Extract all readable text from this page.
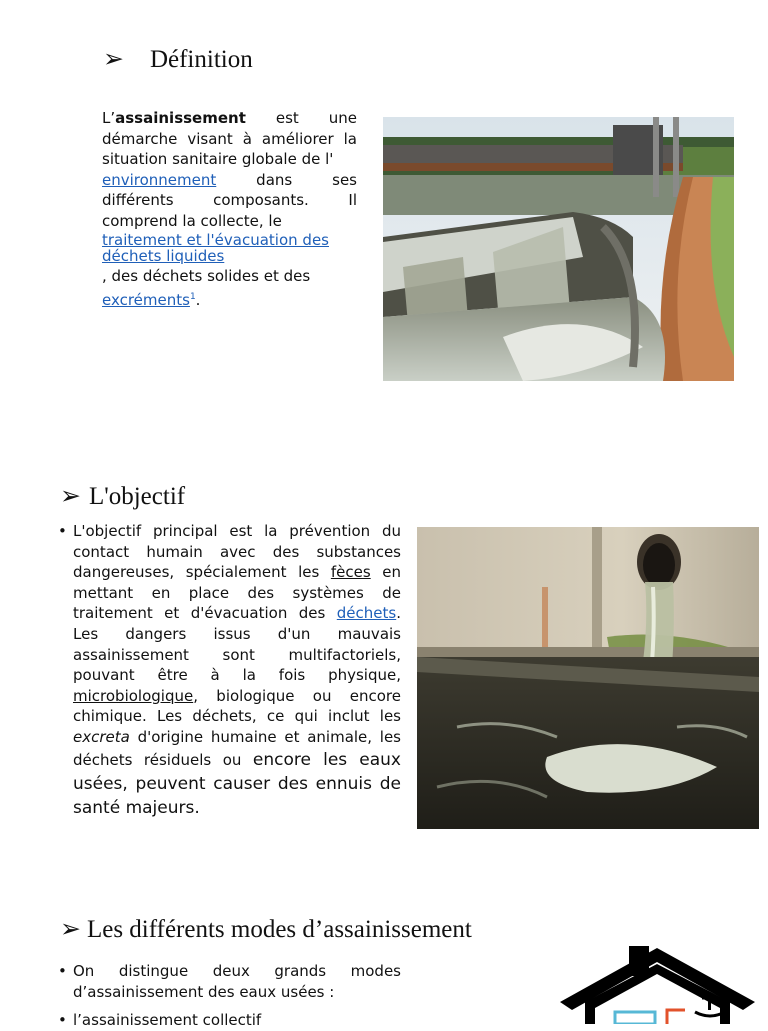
➢ Définition
L’assainissement est une démarche visant à améliorer la situation sanitaire globale de l'
environnement dans ses différents composants. Il comprend la collecte, le
traitement et l'évacuation des déchets liquides
, des déchets solides et des
excréments$^1$.
➢ L'objectif
• L'objectif principal est la prévention du contact humain avec des substances dangereuses, spécialement les fèces en mettant en place des systèmes de traitement et d'évacuation des déchets. Les dangers issus d'un mauvais assainissement sont multifactoriels, pouvant être à la fois physique, microbiologique, biologique ou encore chimique. Les déchets, ce qui inclut les excreta d'origine humaine et animale, les déchets résiduels ou encore les eaux usées, peuvent causer des ennuis de santé majeurs.
➢ Les différents modes d’assainissement
• On distingue deux grands modes d’assainissement des eaux usées :
• l’assainissement collectif
